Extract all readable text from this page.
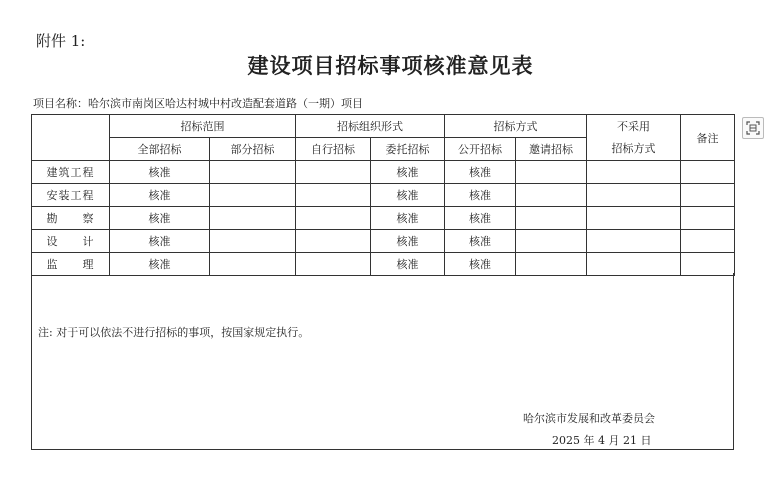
附件 1:
建设项目招标事项核准意见表
项目名称：哈尔滨市南岗区哈达村城中村改造配套道路（一期）项目
	招标范围		招标组织形式		招标方式		不采用
招标方式	备注
	全部招标	部分招标	自行招标	委托招标	公开招标	邀请招标		
建筑工程	核准			核准	核准			
安装工程	核准			核准	核准			
勘　　察	核准			核准	核准			
设　　计	核准			核准	核准			
监　　理	核准			核准	核准			
注: 对于可以依法不进行招标的事项，按国家规定执行。
哈尔滨市发展和改革委员会
2025 年 4 月 21 日
